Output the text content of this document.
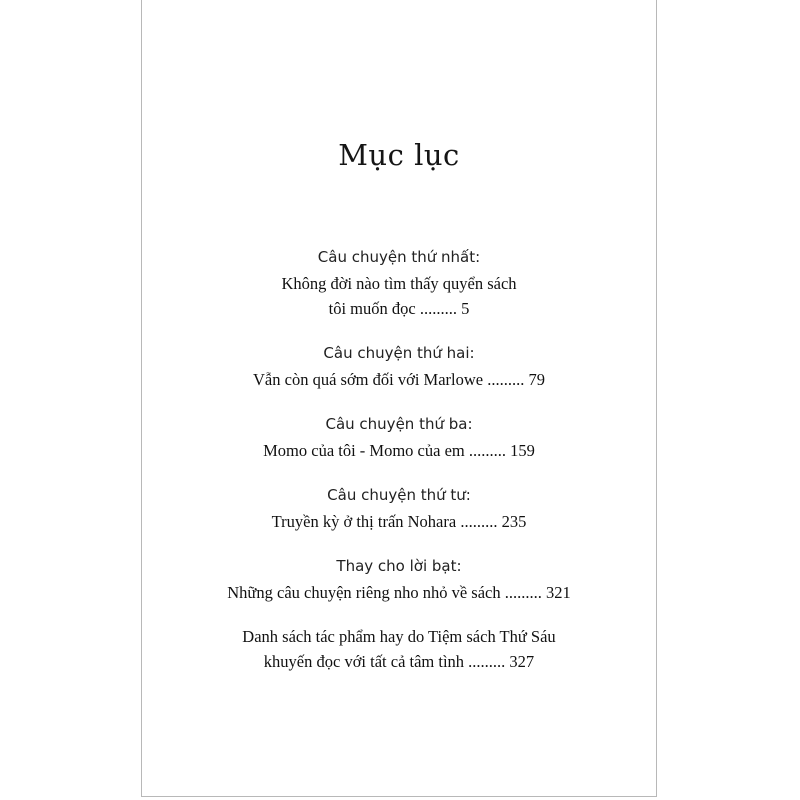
Mục lục
Câu chuyện thứ nhất:
Không đời nào tìm thấy quyển sách
tôi muốn đọc ......... 5
Câu chuyện thứ hai:
Vẫn còn quá sớm đối với Marlowe ......... 79
Câu chuyện thứ ba:
Momo của tôi - Momo của em ......... 159
Câu chuyện thứ tư:
Truyền kỳ ở thị trấn Nohara ......... 235
Thay cho lời bạt:
Những câu chuyện riêng nho nhỏ về sách ......... 321
Danh sách tác phẩm hay do Tiệm sách Thứ Sáu
khuyến đọc với tất cả tâm tình ......... 327
